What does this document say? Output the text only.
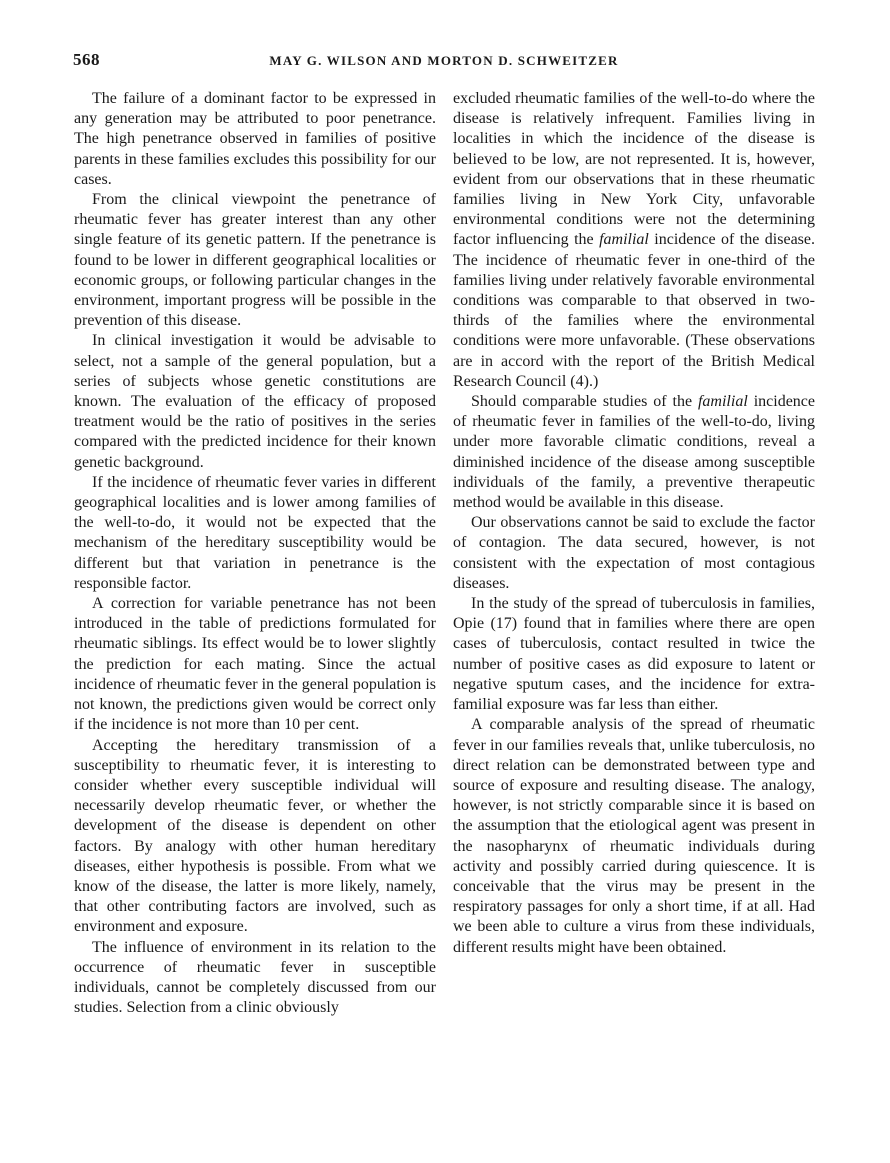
568	MAY G. WILSON AND MORTON D. SCHWEITZER

The failure of a dominant factor to be expressed in any generation may be attributed to poor penetrance. The high penetrance observed in families of positive parents in these families excludes this possibility for our cases.

From the clinical viewpoint the penetrance of rheumatic fever has greater interest than any other single feature of its genetic pattern. If the penetrance is found to be lower in different geographical localities or economic groups, or following particular changes in the environment, important progress will be possible in the prevention of this disease.

In clinical investigation it would be advisable to select, not a sample of the general population, but a series of subjects whose genetic constitutions are known. The evaluation of the efficacy of proposed treatment would be the ratio of positives in the series compared with the predicted incidence for their known genetic background.

If the incidence of rheumatic fever varies in different geographical localities and is lower among families of the well-to-do, it would not be expected that the mechanism of the hereditary susceptibility would be different but that variation in penetrance is the responsible factor.

A correction for variable penetrance has not been introduced in the table of predictions formulated for rheumatic siblings. Its effect would be to lower slightly the prediction for each mating. Since the actual incidence of rheumatic fever in the general population is not known, the predictions given would be correct only if the incidence is not more than 10 per cent.

Accepting the hereditary transmission of a susceptibility to rheumatic fever, it is interesting to consider whether every susceptible individual will necessarily develop rheumatic fever, or whether the development of the disease is dependent on other factors. By analogy with other human hereditary diseases, either hypothesis is possible. From what we know of the disease, the latter is more likely, namely, that other contributing factors are involved, such as environment and exposure.

The influence of environment in its relation to the occurrence of rheumatic fever in susceptible individuals, cannot be completely discussed from our studies. Selection from a clinic obviously

excluded rheumatic families of the well-to-do where the disease is relatively infrequent. Families living in localities in which the incidence of the disease is believed to be low, are not represented. It is, however, evident from our observations that in these rheumatic families living in New York City, unfavorable environmental conditions were not the determining factor influencing the familial incidence of the disease. The incidence of rheumatic fever in one-third of the families living under relatively favorable environmental conditions was comparable to that observed in two-thirds of the families where the environmental conditions were more unfavorable. (These observations are in accord with the report of the British Medical Research Council (4).)

Should comparable studies of the familial incidence of rheumatic fever in families of the well-to-do, living under more favorable climatic conditions, reveal a diminished incidence of the disease among susceptible individuals of the family, a preventive therapeutic method would be available in this disease.

Our observations cannot be said to exclude the factor of contagion. The data secured, however, is not consistent with the expectation of most contagious diseases.

In the study of the spread of tuberculosis in families, Opie (17) found that in families where there are open cases of tuberculosis, contact resulted in twice the number of positive cases as did exposure to latent or negative sputum cases, and the incidence for extra-familial exposure was far less than either.

A comparable analysis of the spread of rheumatic fever in our families reveals that, unlike tuberculosis, no direct relation can be demonstrated between type and source of exposure and resulting disease. The analogy, however, is not strictly comparable since it is based on the assumption that the etiological agent was present in the nasopharynx of rheumatic individuals during activity and possibly carried during quiescence. It is conceivable that the virus may be present in the respiratory passages for only a short time, if at all. Had we been able to culture a virus from these individuals, different results might have been obtained.
